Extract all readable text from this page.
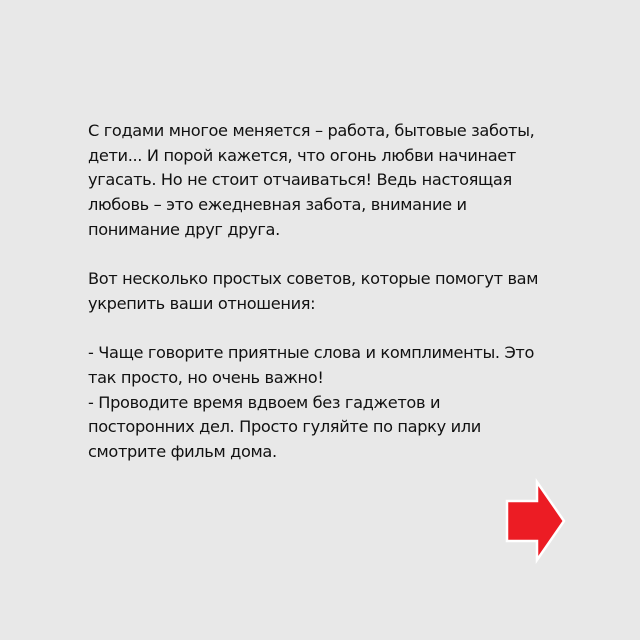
С годами многое меняется – работа, бытовые заботы,
дети... И порой кажется, что огонь любви начинает
угасать. Но не стоит отчаиваться! Ведь настоящая
любовь – это ежедневная забота, внимание и
понимание друг друга.
Вот несколько простых советов, которые помогут вам
укрепить ваши отношения:
- Чаще говорите приятные слова и комплименты. Это
так просто, но очень важно!
- Проводите время вдвоем без гаджетов и
посторонних дел. Просто гуляйте по парку или
смотрите фильм дома.
